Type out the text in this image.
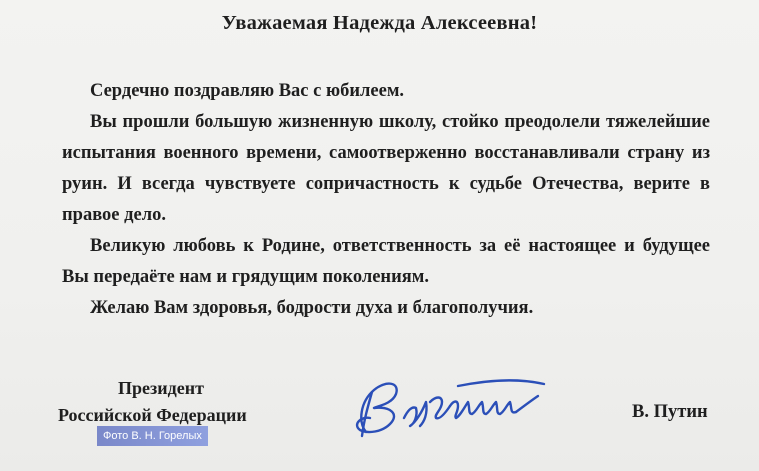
Уважаемая Надежда Алексеевна!

Сердечно поздравляю Вас с юбилеем.

Вы прошли большую жизненную школу, стойко преодолели тяжелейшие испытания военного времени, самоотверженно восстанавливали страну из руин. И всегда чувствуете сопричастность к судьбе Отечества, верите в правое дело.

Великую любовь к Родине, ответственность за её настоящее и будущее Вы передаёте нам и грядущим поколениям.

Желаю Вам здоровья, бодрости духа и благополучия.

Президент
Российской Федерации	В. Путин
Фото В. Н. Горелых
